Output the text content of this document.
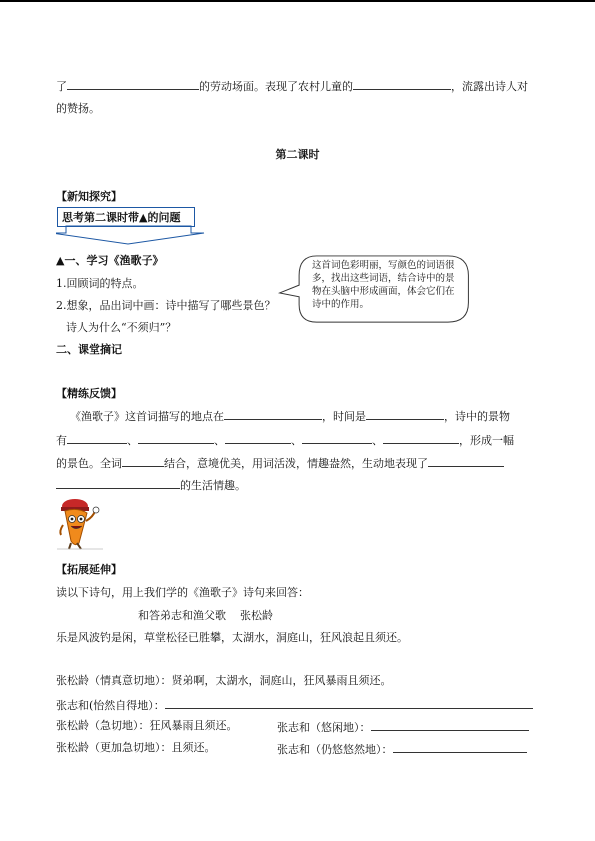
了	的劳动场面。表现了农村儿童的	，流露出诗人对
的赞扬。
第二课时
【新知探究】
思考第二课时带▲的问题
▲一、学习《渔歌子》
1.回顾词的特点。
2.想象，品出词中画：诗中描写了哪些景色？
诗人为什么“不须归”？
这首词色彩明丽，写颜色的词语很多，找出这些词语，结合诗中的景物在头脑中形成画面，体会它们在诗中的作用。
二、课堂摘记
【精练反馈】
《渔歌子》这首词描写的地点在	，时间是	，诗中的景物
有	、	、	、	、	，形成一幅
的景色。全词	结合，意境优美，用词活泼，情趣盎然，生动地表现了
的生活情趣。
【拓展延伸】
读以下诗句，用上我们学的《渔歌子》诗句来回答：
和答弟志和渔父歌 张松龄
乐是风波钓是闲，草堂松径已胜攀，太湖水，洞庭山，狂风浪起且须还。
张松龄（情真意切地）：贤弟啊，太湖水，洞庭山，狂风暴雨且须还。
张志和(怡然自得地）：
张松龄（急切地）：狂风暴雨且须还。	张志和（悠闲地）：
张松龄（更加急切地）：且须还。	张志和（仍悠悠然地）：
